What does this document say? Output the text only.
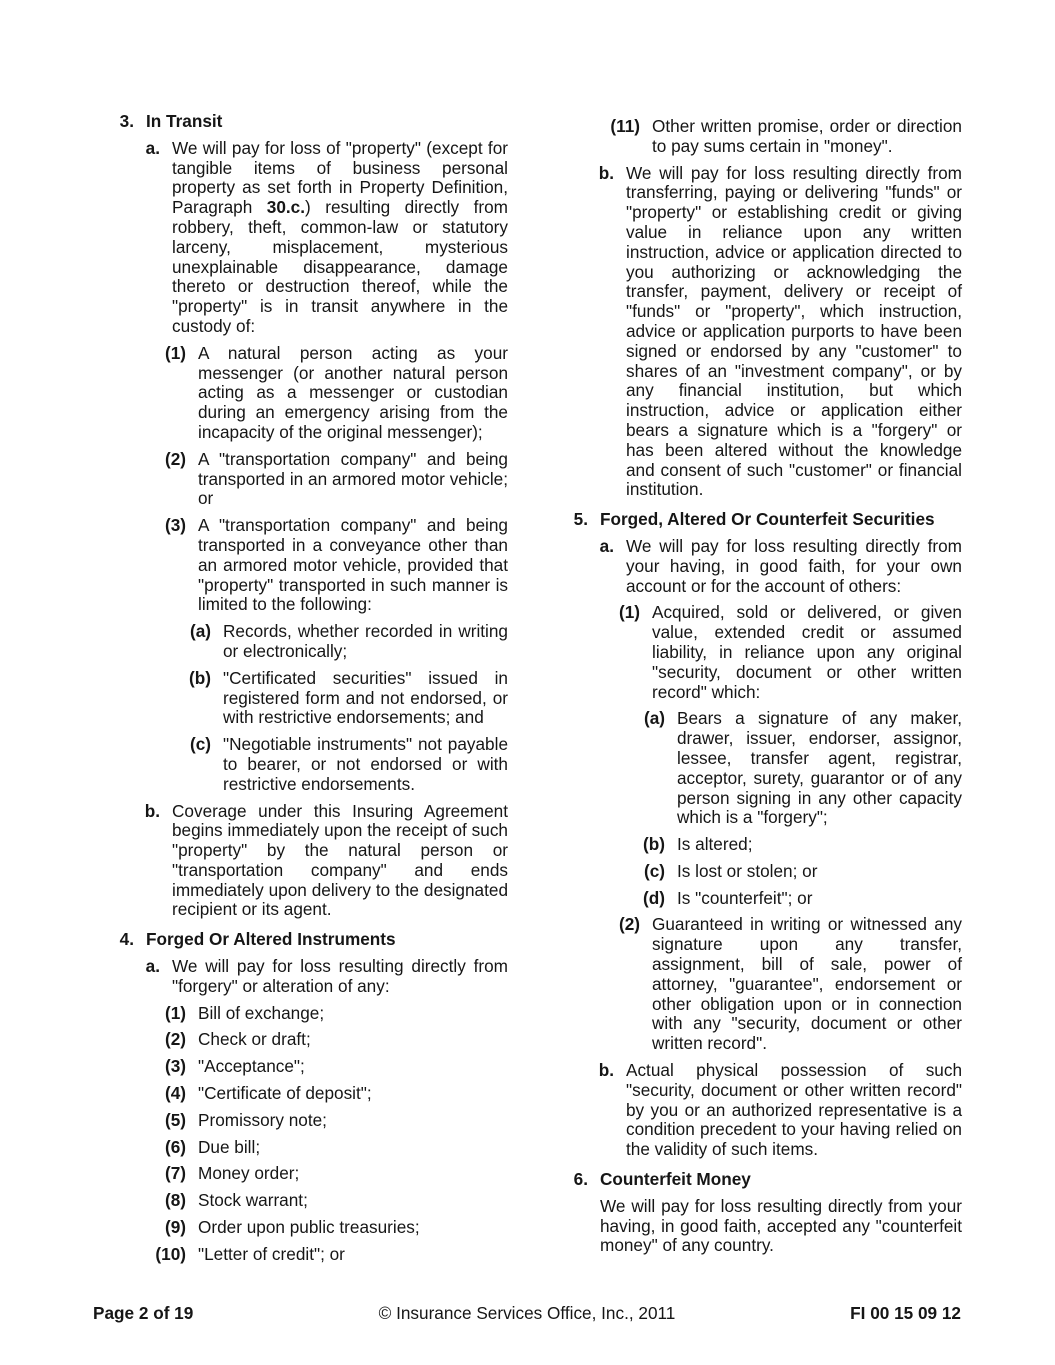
3. In Transit
a. We will pay for loss of "property" (except for tangible items of business personal property as set forth in Property Definition, Paragraph 30.c.) resulting directly from robbery, theft, common-law or statutory larceny, misplacement, mysterious unexplainable disappearance, damage thereto or destruction thereof, while the "property" is in transit anywhere in the custody of:
(1) A natural person acting as your messenger (or another natural person acting as a messenger or custodian during an emergency arising from the incapacity of the original messenger);
(2) A "transportation company" and being transported in an armored motor vehicle; or
(3) A "transportation company" and being transported in a conveyance other than an armored motor vehicle, provided that "property" transported in such manner is limited to the following:
(a) Records, whether recorded in writing or electronically;
(b) "Certificated securities" issued in registered form and not endorsed, or with restrictive endorsements; and
(c) "Negotiable instruments" not payable to bearer, or not endorsed or with restrictive endorsements.
b. Coverage under this Insuring Agreement begins immediately upon the receipt of such "property" by the natural person or "transportation company" and ends immediately upon delivery to the designated recipient or its agent.
4. Forged Or Altered Instruments
a. We will pay for loss resulting directly from "forgery" or alteration of any:
(1) Bill of exchange;
(2) Check or draft;
(3) "Acceptance";
(4) "Certificate of deposit";
(5) Promissory note;
(6) Due bill;
(7) Money order;
(8) Stock warrant;
(9) Order upon public treasuries;
(10) "Letter of credit"; or
(11) Other written promise, order or direction to pay sums certain in "money".
b. We will pay for loss resulting directly from transferring, paying or delivering "funds" or "property" or establishing credit or giving value in reliance upon any written instruction, advice or application directed to you authorizing or acknowledging the transfer, payment, delivery or receipt of "funds" or "property", which instruction, advice or application purports to have been signed or endorsed by any "customer" to shares of an "investment company", or by any financial institution, but which instruction, advice or application either bears a signature which is a "forgery" or has been altered without the knowledge and consent of such "customer" or financial institution.
5. Forged, Altered Or Counterfeit Securities
a. We will pay for loss resulting directly from your having, in good faith, for your own account or for the account of others:
(1) Acquired, sold or delivered, or given value, extended credit or assumed liability, in reliance upon any original "security, document or other written record" which:
(a) Bears a signature of any maker, drawer, issuer, endorser, assignor, lessee, transfer agent, registrar, acceptor, surety, guarantor or of any person signing in any other capacity which is a "forgery";
(b) Is altered;
(c) Is lost or stolen; or
(d) Is "counterfeit"; or
(2) Guaranteed in writing or witnessed any signature upon any transfer, assignment, bill of sale, power of attorney, "guarantee", endorsement or other obligation upon or in connection with any "security, document or other written record".
b. Actual physical possession of such "security, document or other written record" by you or an authorized representative is a condition precedent to your having relied on the validity of such items.
6. Counterfeit Money
We will pay for loss resulting directly from your having, in good faith, accepted any "counterfeit money" of any country.
Page 2 of 19	© Insurance Services Office, Inc., 2011	FI 00 15 09 12
